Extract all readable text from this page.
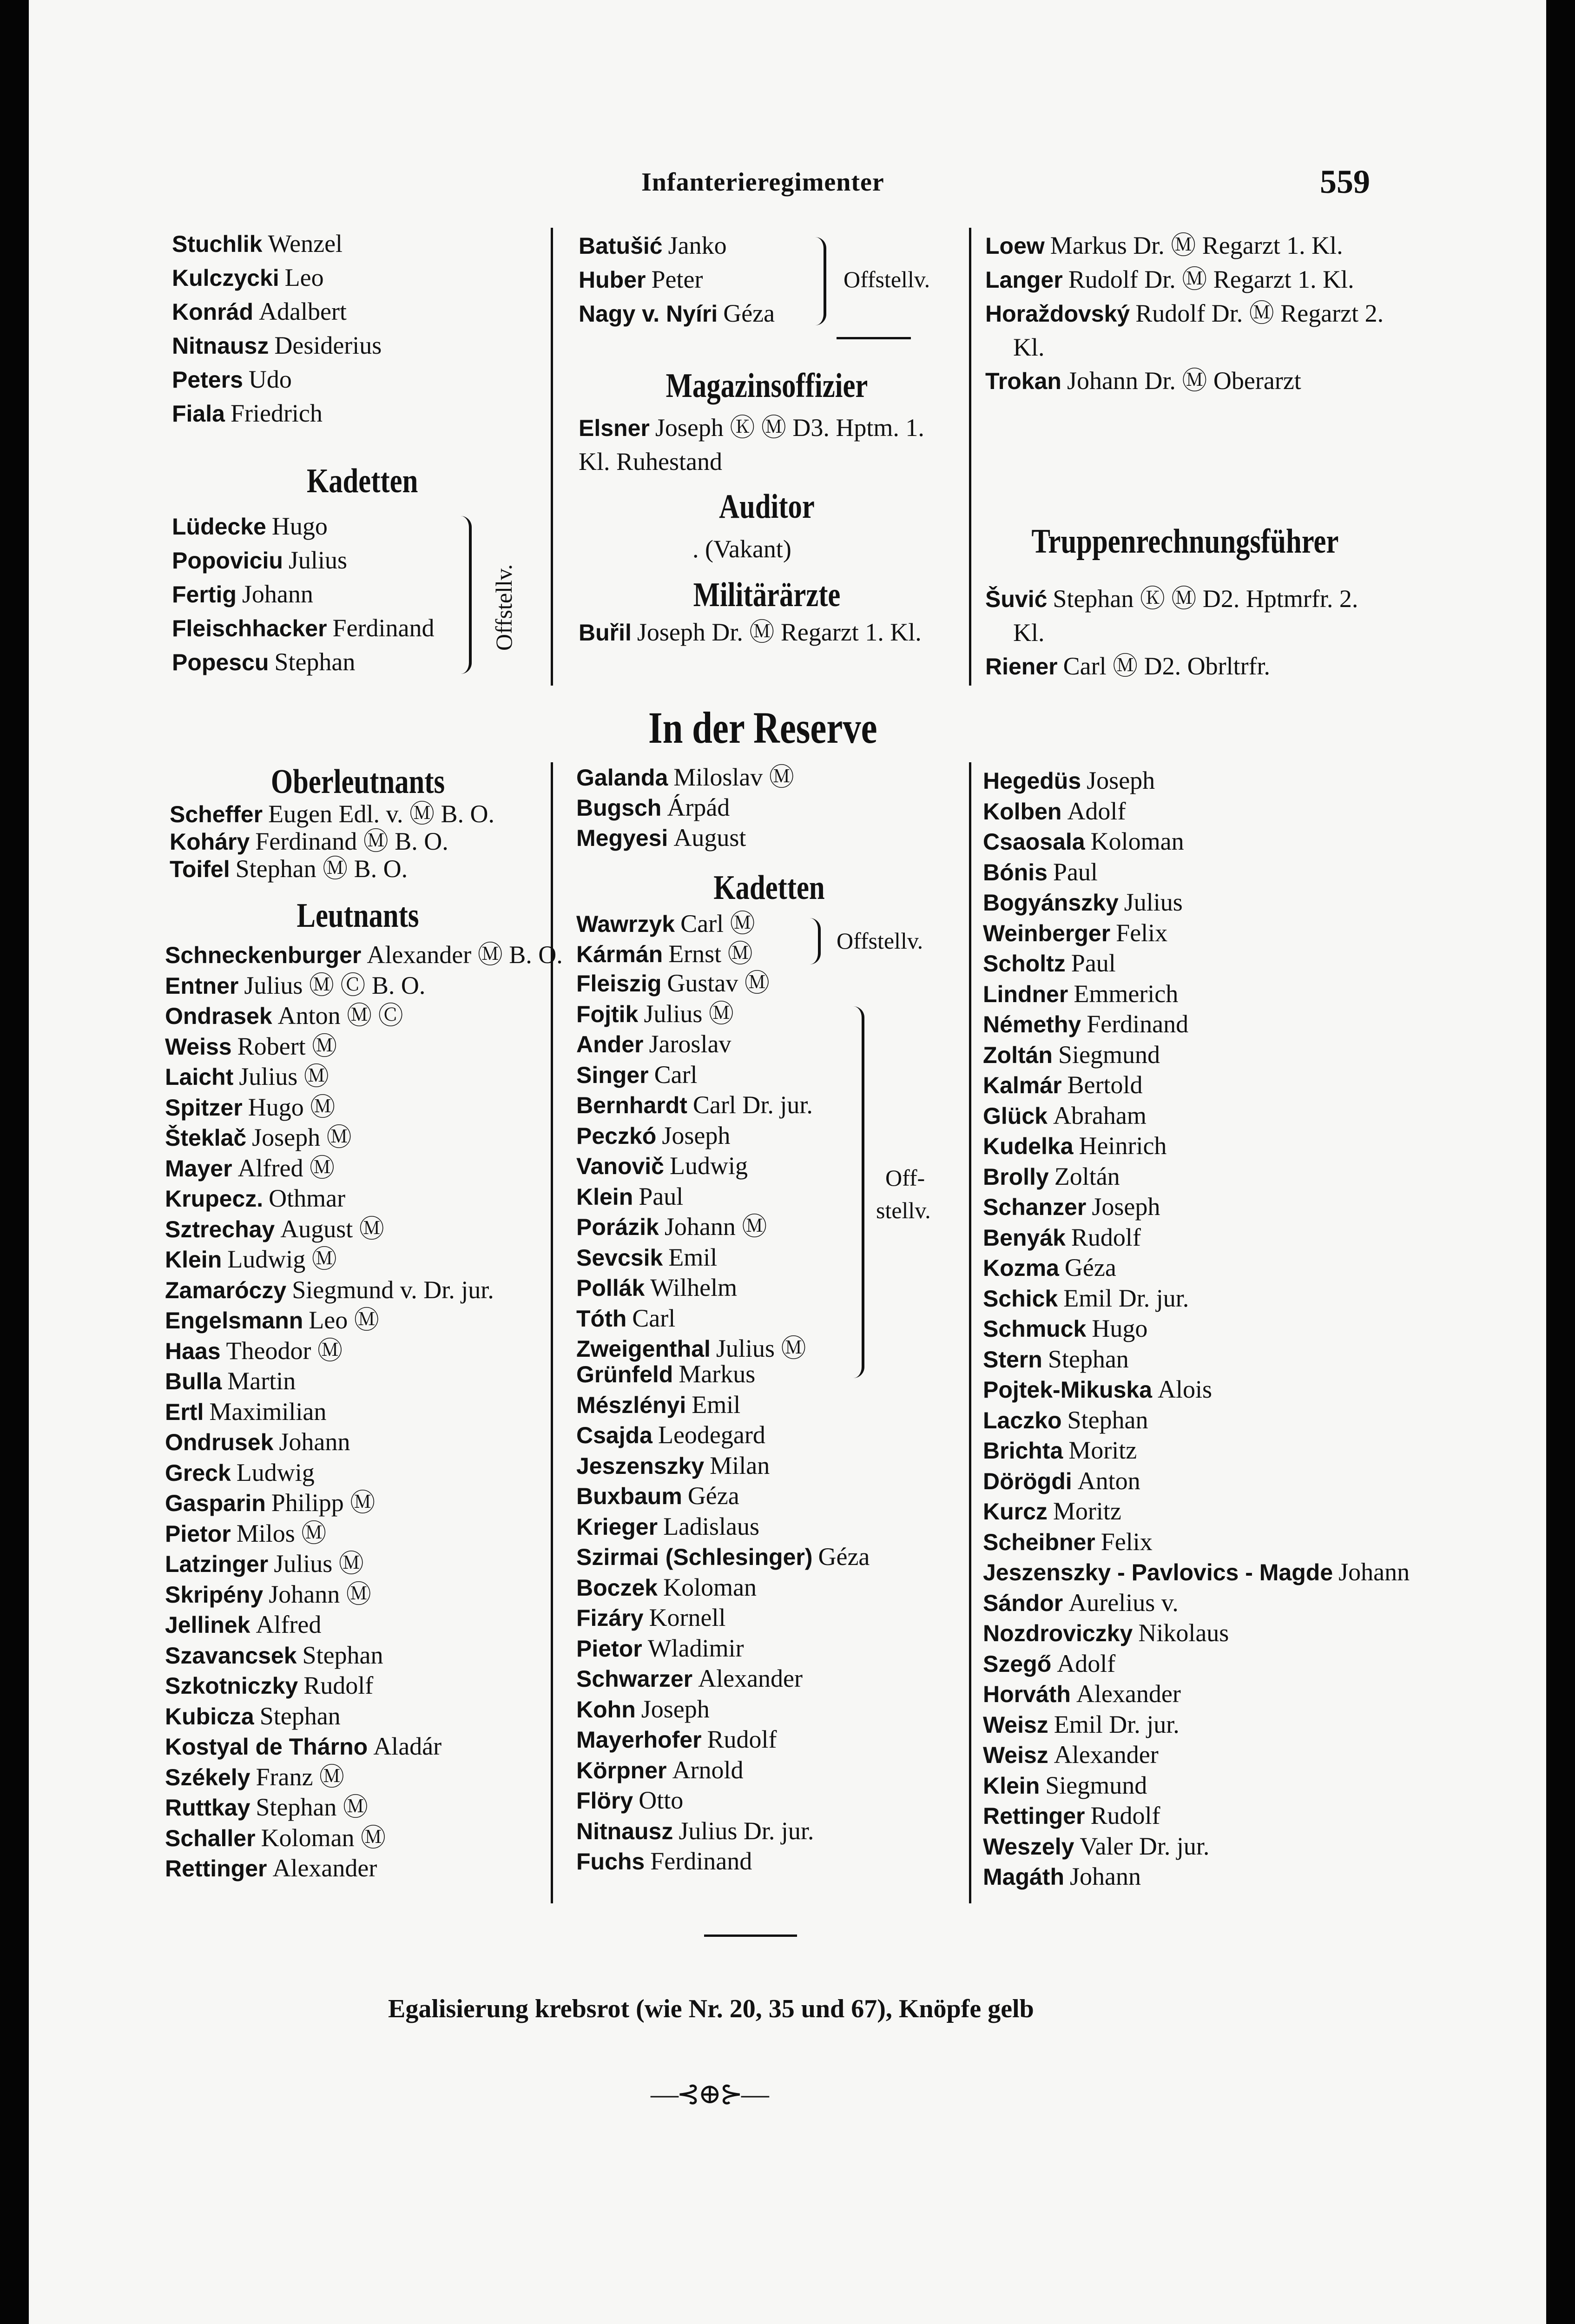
Infanterieregimenter	559
Stuchlik Wenzel
Kulczycki Leo
Konrád Adalbert
Nitnausz Desiderius
Peters Udo
Fiala Friedrich
Kadetten
Lüdecke Hugo
Popoviciu Julius
Fertig Johann
Fleischhacker Ferdinand
Popescu Stephan
Offstellv.
Batušić Janko
Huber Peter
Nagy v. Nyíri Géza
Offstellv.
Magazinsoffizier
Elsner Joseph Ⓚ Ⓜ D3. Hptm. 1. Kl. Ruhestand
Auditor
. (Vakant)
Militärärzte
Buřil Joseph Dr. Ⓜ Regarzt 1. Kl.
Loew Markus Dr. Ⓜ Regarzt 1. Kl.
Langer Rudolf Dr. Ⓜ Regarzt 1. Kl.
Horaždovský Rudolf Dr. Ⓜ Regarzt 2. Kl.
Trokan Johann Dr. Ⓜ Oberarzt
Truppenrechnungsführer
Šuvić Stephan Ⓚ Ⓜ D2. Hptmrfr. 2. Kl.
Riener Carl Ⓜ D2. Obrltrfr.
In der Reserve
Oberleutnants
Scheffer Eugen Edl. v. Ⓜ B. O.
Koháry Ferdinand Ⓜ B. O.
Toifel Stephan Ⓜ B. O.
Leutnants
Schneckenburger Alexander Ⓜ B. O.
Entner Julius Ⓜ Ⓒ B. O.
Ondrasek Anton Ⓜ Ⓒ
Weiss Robert Ⓜ
Laicht Julius Ⓜ
Spitzer Hugo Ⓜ
Šteklač Joseph Ⓜ
Mayer Alfred Ⓜ
Krupecz. Othmar
Sztrechay August Ⓜ
Klein Ludwig Ⓜ
Zamaróczy Siegmund v. Dr. jur.
Engelsmann Leo Ⓜ
Haas Theodor Ⓜ
Bulla Martin
Ertl Maximilian
Ondrusek Johann
Greck Ludwig
Gasparin Philipp Ⓜ
Pietor Milos Ⓜ
Latzinger Julius Ⓜ
Skripény Johann Ⓜ
Jellinek Alfred
Szavancsek Stephan
Szkotniczky Rudolf
Kubicza Stephan
Kostyal de Thárno Aladár
Székely Franz Ⓜ
Ruttkay Stephan Ⓜ
Schaller Koloman Ⓜ
Rettinger Alexander
Galanda Miloslav Ⓜ
Bugsch Árpád
Megyesi August
Kadetten
Wawrzyk Carl Ⓜ
Kármán Ernst Ⓜ	Offstellv.
Fleiszig Gustav Ⓜ
Fojtik Julius Ⓜ
Ander Jaroslav
Singer Carl
Bernhardt Carl Dr. jur.
Peczkó Joseph
Vanovič Ludwig
Klein Paul
Porázik Johann Ⓜ
Sevcsik Emil
Pollák Wilhelm
Tóth Carl
Zweigenthal Julius Ⓜ
Off-
stellv.
Grünfeld Markus
Mészlényi Emil
Csajda Leodegard
Jeszenszky Milan
Buxbaum Géza
Krieger Ladislaus
Szirmai (Schlesinger) Géza
Boczek Koloman
Fizáry Kornell
Pietor Wladimir
Schwarzer Alexander
Kohn Joseph
Mayerhofer Rudolf
Körpner Arnold
Flöry Otto
Nitnausz Julius Dr. jur.
Fuchs Ferdinand
Hegedüs Joseph
Kolben Adolf
Csaosala Koloman
Bónis Paul
Bogyánszky Julius
Weinberger Felix
Scholtz Paul
Lindner Emmerich
Némethy Ferdinand
Zoltán Siegmund
Kalmár Bertold
Glück Abraham
Kudelka Heinrich
Brolly Zoltán
Schanzer Joseph
Benyák Rudolf
Kozma Géza
Schick Emil Dr. jur.
Schmuck Hugo
Stern Stephan
Pojtek-Mikuska Alois
Laczko Stephan
Brichta Moritz
Dörögdi Anton
Kurcz Moritz
Scheibner Felix
Jeszenszky - Pavlovics - Magde Johann
Sándor Aurelius v.
Nozdroviczky Nikolaus
Szegő Adolf
Horváth Alexander
Weisz Emil Dr. jur.
Weisz Alexander
Klein Siegmund
Rettinger Rudolf
Weszely Valer Dr. jur.
Magáth Johann
Egalisierung krebsrot (wie Nr. 20, 35 und 67), Knöpfe gelb
—⊰⊕⊱—
